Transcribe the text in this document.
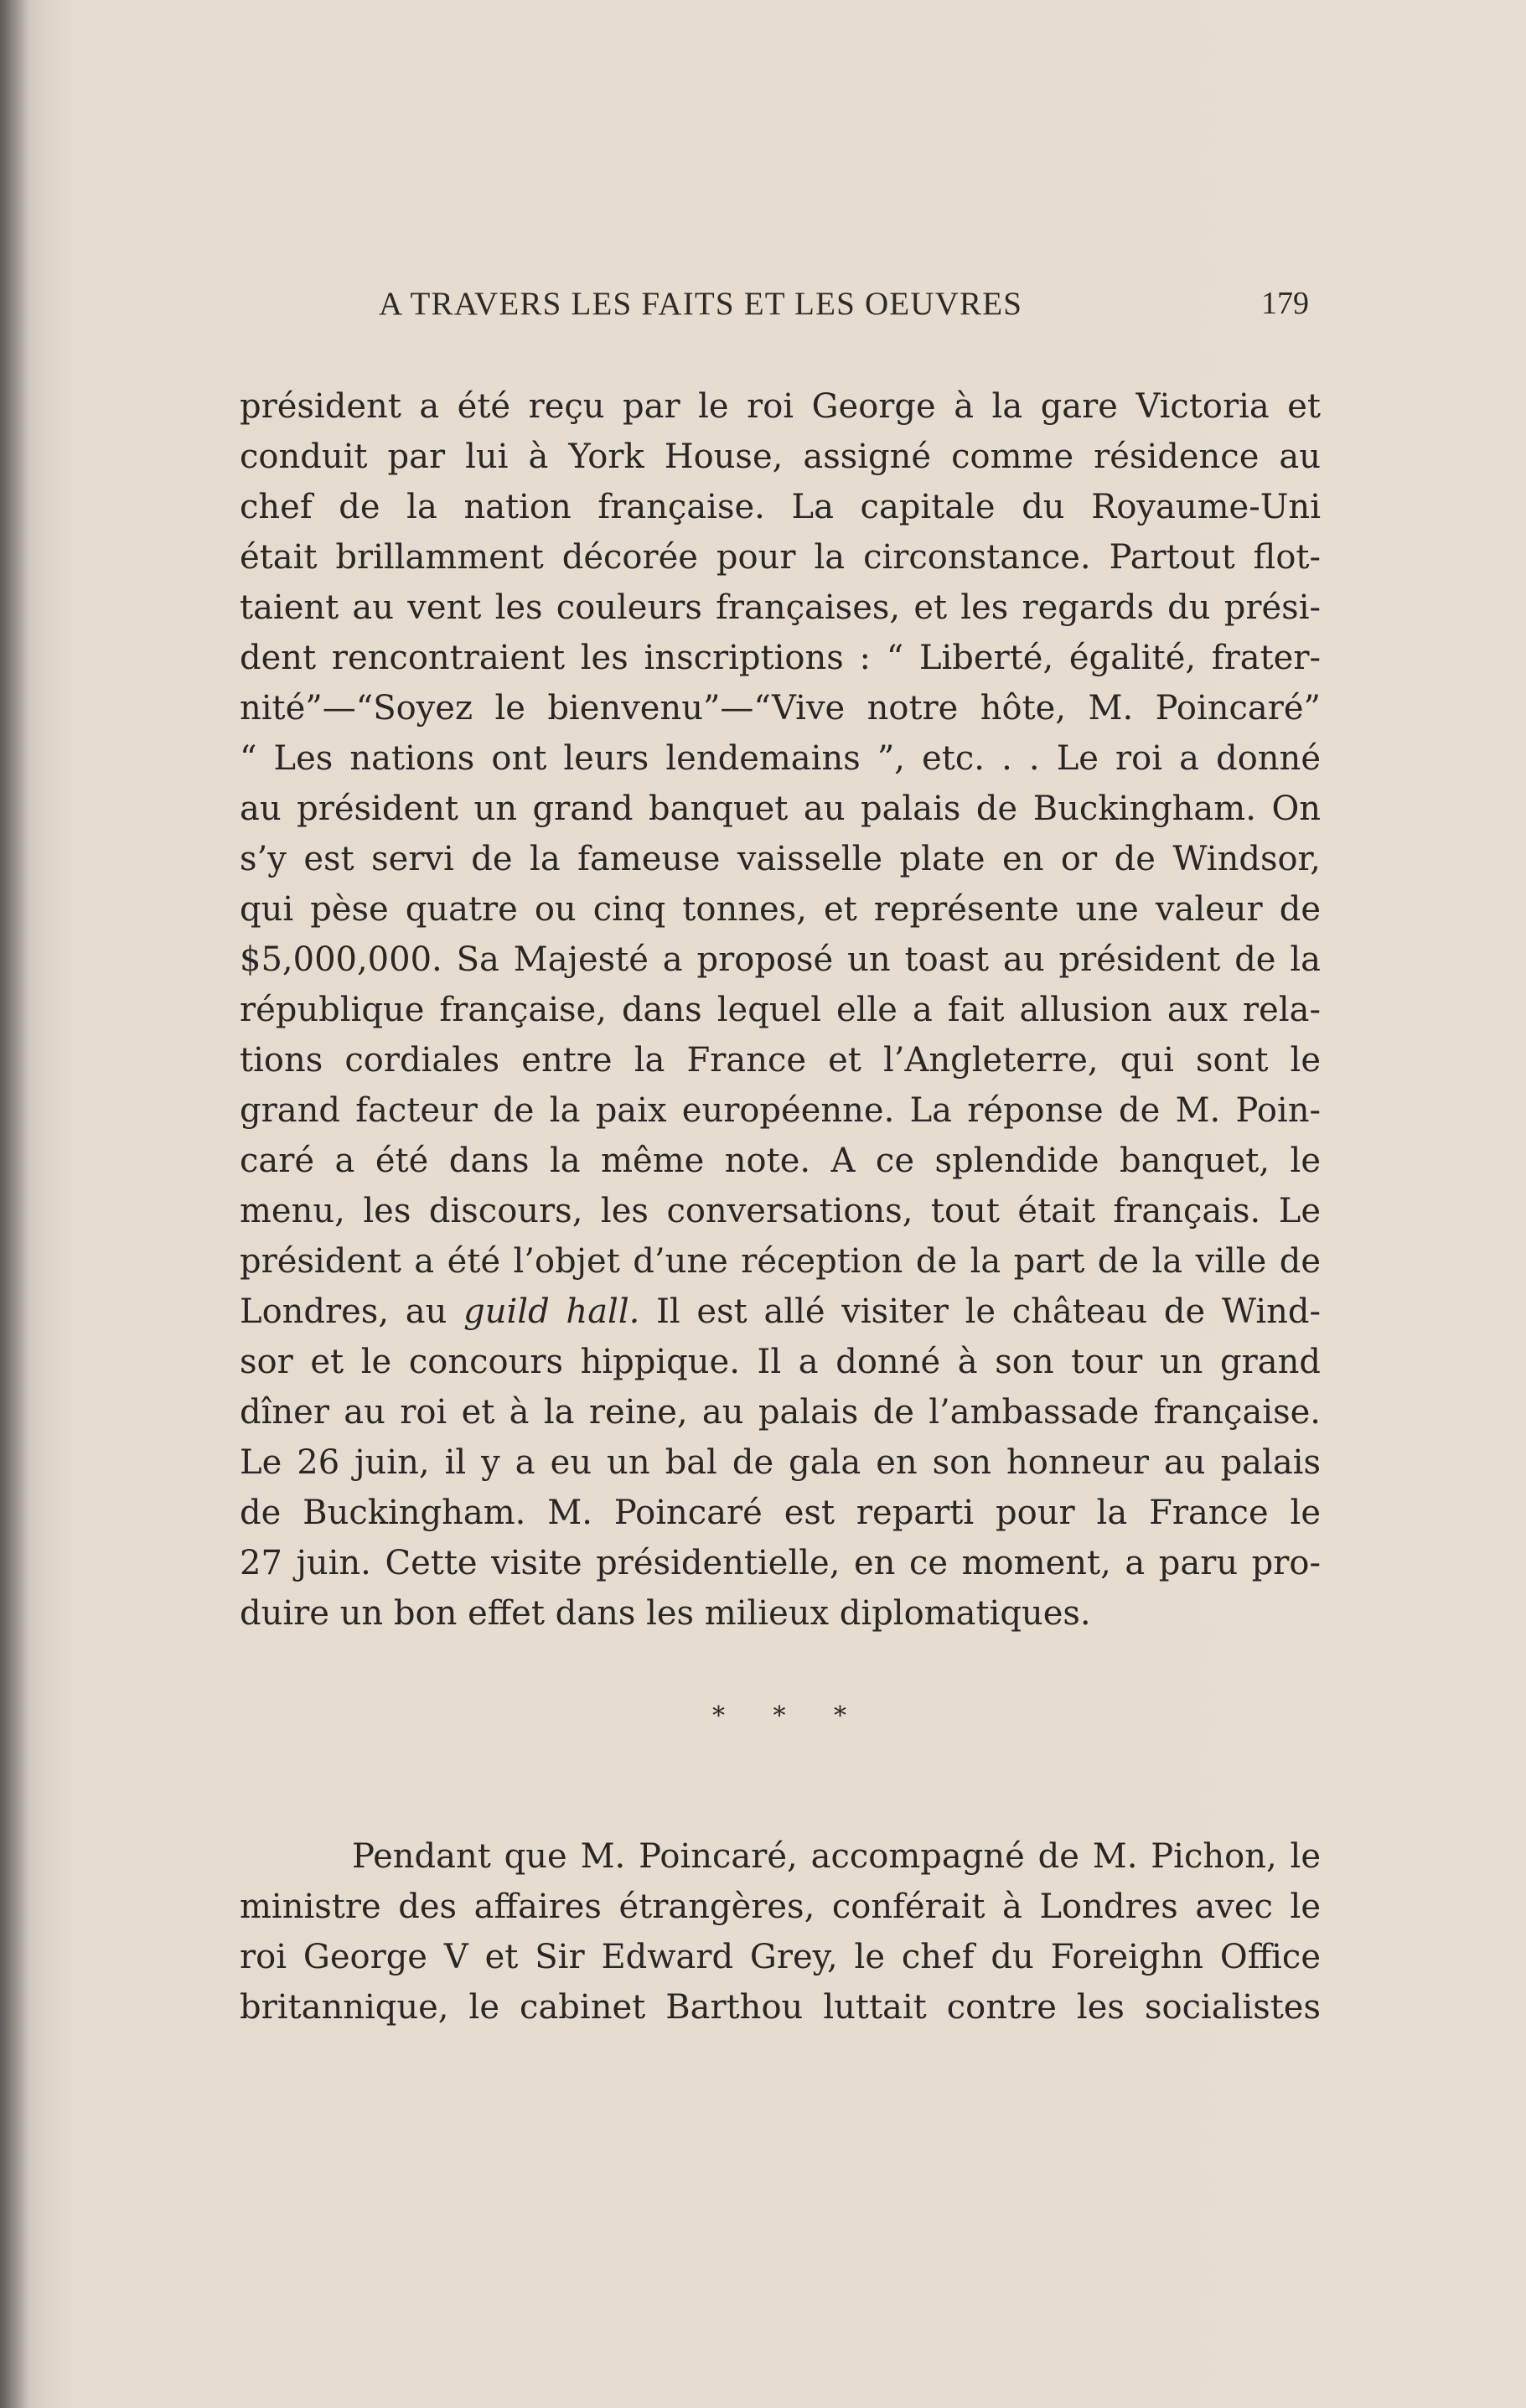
A TRAVERS LES FAITS ET LES OEUVRES	179
président a été reçu par le roi George à la gare Victoria et
conduit par lui à York House, assigné comme résidence au
chef de la nation française. La capitale du Royaume-Uni
était brillamment décorée pour la circonstance. Partout flot-
taient au vent les couleurs françaises, et les regards du prési-
dent rencontraient les inscriptions : “ Liberté, égalité, frater-
nité”—“Soyez le bienvenu”—“Vive notre hôte, M. Poincaré”
“ Les nations ont leurs lendemains ”, etc. . . Le roi a donné
au président un grand banquet au palais de Buckingham. On
s’y est servi de la fameuse vaisselle plate en or de Windsor,
qui pèse quatre ou cinq tonnes, et représente une valeur de
$5,000,000. Sa Majesté a proposé un toast au président de la
république française, dans lequel elle a fait allusion aux rela-
tions cordiales entre la France et l’Angleterre, qui sont le
grand facteur de la paix européenne. La réponse de M. Poin-
caré a été dans la même note. A ce splendide banquet, le
menu, les discours, les conversations, tout était français. Le
président a été l’objet d’une réception de la part de la ville de
Londres, au guild hall. Il est allé visiter le château de Wind-
sor et le concours hippique. Il a donné à son tour un grand
dîner au roi et à la reine, au palais de l’ambassade française.
Le 26 juin, il y a eu un bal de gala en son honneur au palais
de Buckingham. M. Poincaré est reparti pour la France le
27 juin. Cette visite présidentielle, en ce moment, a paru pro-
duire un bon effet dans les milieux diplomatiques.
* * *
Pendant que M. Poincaré, accompagné de M. Pichon, le
ministre des affaires étrangères, conférait à Londres avec le
roi George V et Sir Edward Grey, le chef du Foreighn Office
britannique, le cabinet Barthou luttait contre les socialistes
